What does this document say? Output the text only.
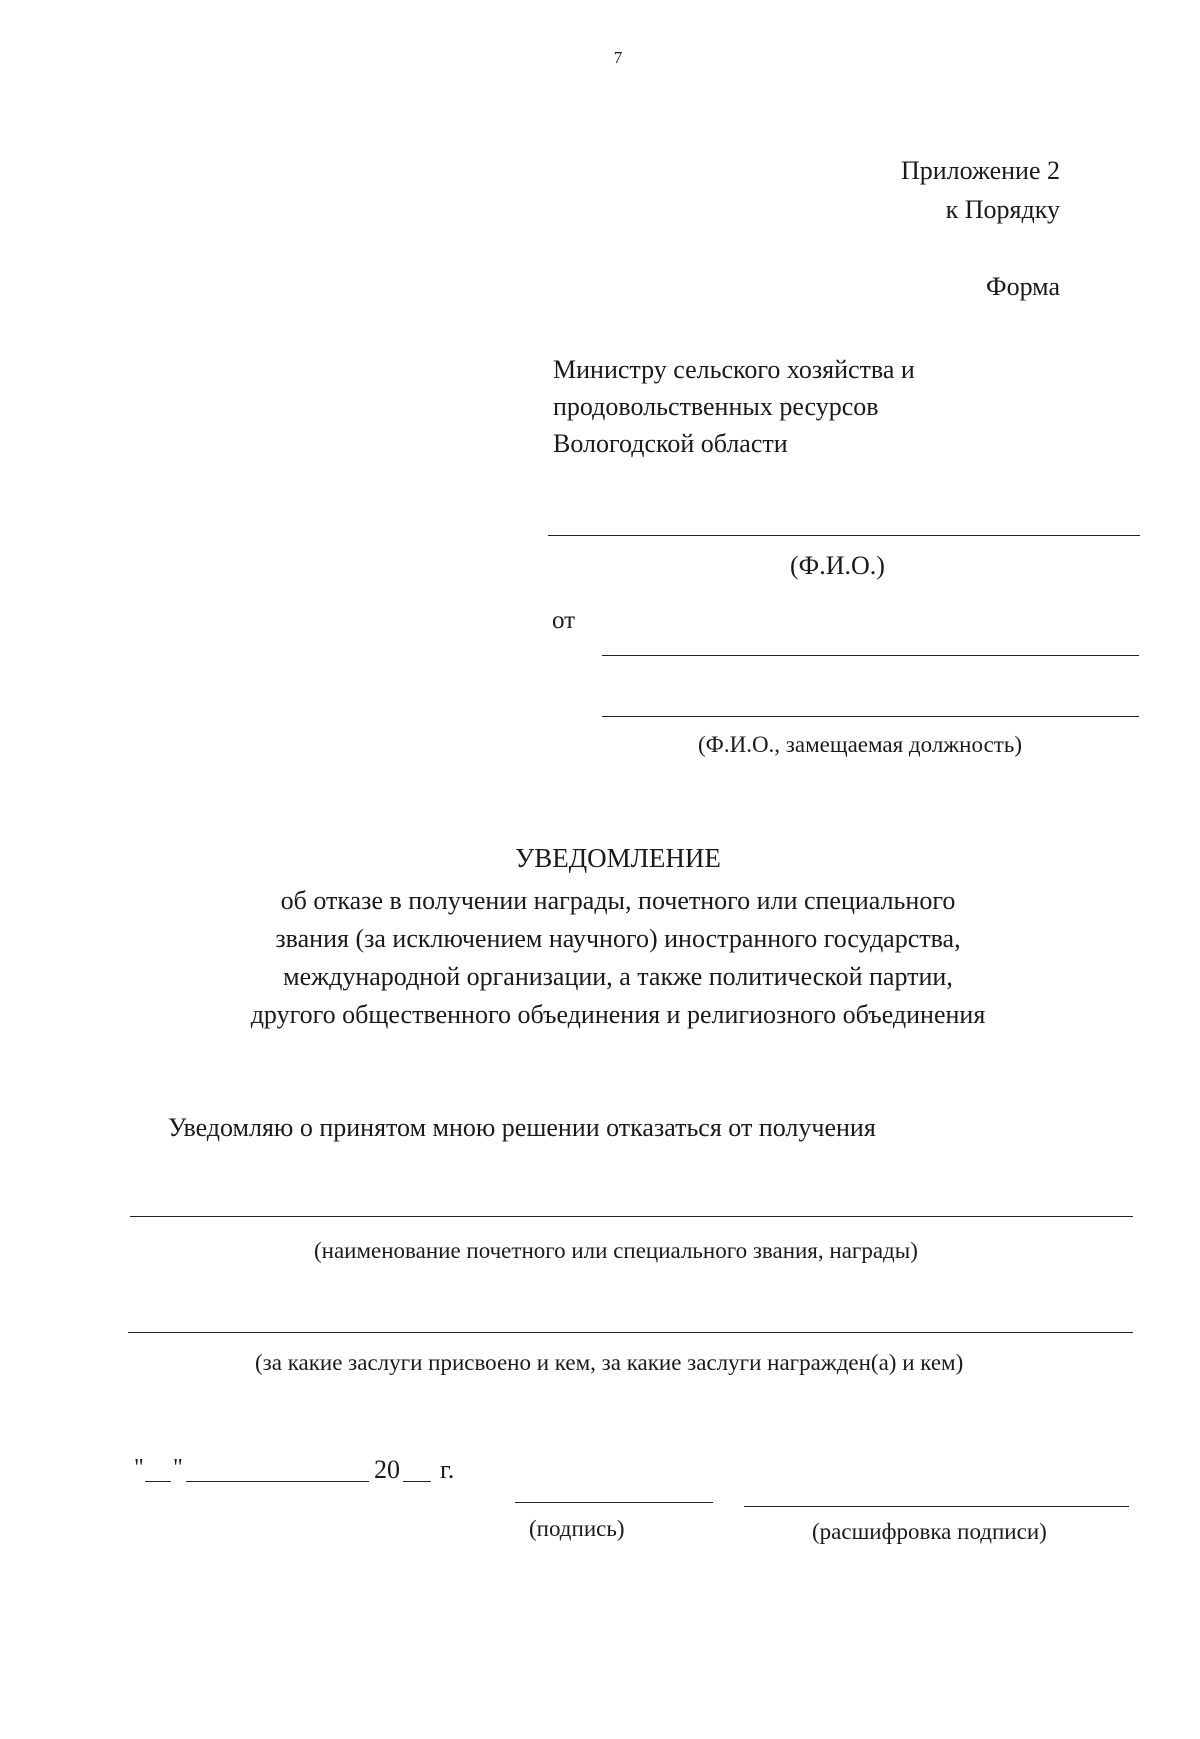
7
Приложение 2
к Порядку
Форма
Министру сельского хозяйства и
продовольственных ресурсов
Вологодской области
(Ф.И.О.)
от
(Ф.И.О., замещаемая должность)
УВЕДОМЛЕНИЕ
об отказе в получении награды, почетного или специального
звания (за исключением научного) иностранного государства,
международной организации, а также политической партии,
другого общественного объединения и религиозного объединения
Уведомляю о принятом мною решении отказаться от получения
(наименование почетного или специального звания, награды)
(за какие заслуги присвоено и кем, за какие заслуги награжден(а) и кем)
" "	20 г.
(подпись)	(расшифровка подписи)
